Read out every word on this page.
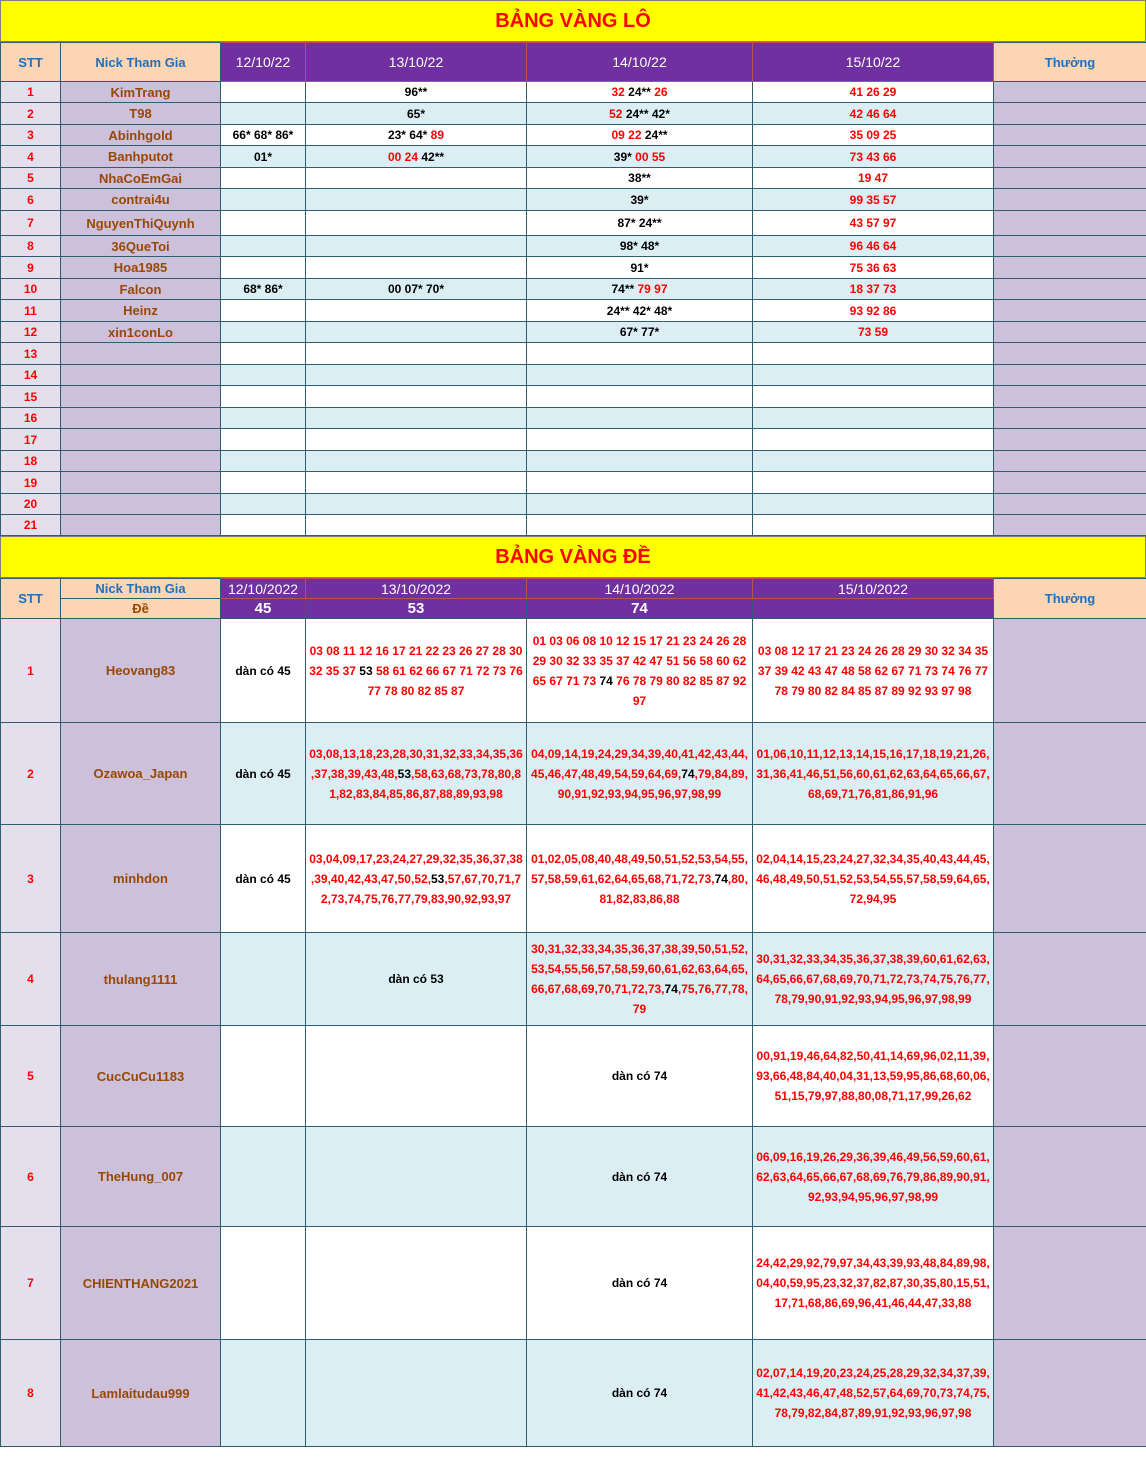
BẢNG VÀNG LÔ
STT	Nick Tham Gia	12/10/22	13/10/22	14/10/22	15/10/22	Thưởng
1	KimTrang		96**	32 24** 26	41 26 29	
2	T98		65*	52 24** 42*	42 46 64	
3	Abinhgold	66* 68* 86*	23* 64* 89	09 22 24**	35 09 25	
4	Banhputot	01*	00 24 42**	39* 00 55	73 43 66	
5	NhaCoEmGai			38**	19 47	
6	contrai4u			39*	99 35 57	
7	NguyenThiQuynh			87* 24**	43 57 97	
8	36QueToi			98* 48*	96 46 64	
9	Hoa1985			91*	75 36 63	
10	Falcon	68* 86*	00 07* 70*	74** 79 97	18 37 73	
11	Heinz			24** 42* 48*	93 92 86	
12	xin1conLo			67* 77*	73 59	
13						
14						
15						
16						
17						
18						
19						
20						
21						
BẢNG VÀNG ĐỀ
STT	Nick Tham Gia	12/10/2022	13/10/2022	14/10/2022	15/10/2022	Thưởng
	Đề	45	53	74		
1	Heovang83	dàn có 45	03 08 11 12 16 17 21 22 23 26 27 28 30 32 35 37 53 58 61 62 66 67 71 72 73 76 77 78 80 82 85 87	01 03 06 08 10 12 15 17 21 23 24 26 28 29 30 32 33 35 37 42 47 51 56 58 60 62 65 67 71 73 74 76 78 79 80 82 85 87 92 97	03 08 12 17 21 23 24 26 28 29 30 32 34 35 37 39 42 43 47 48 58 62 67 71 73 74 76 77 78 79 80 82 84 85 87 89 92 93 97 98	
2	Ozawoa_Japan	dàn có 45	03,08,13,18,23,28,30,31,32,33,34,35,36,37,38,39,43,48,53,58,63,68,73,78,80,81,82,83,84,85,86,87,88,89,93,98	04,09,14,19,24,29,34,39,40,41,42,43,44,45,46,47,48,49,54,59,64,69,74,79,84,89,90,91,92,93,94,95,96,97,98,99	01,06,10,11,12,13,14,15,16,17,18,19,21,26,31,36,41,46,51,56,60,61,62,63,64,65,66,67,68,69,71,76,81,86,91,96	
3	minhdon	dàn có 45	03,04,09,17,23,24,27,29,32,35,36,37,38,39,40,42,43,47,50,52,53,57,67,70,71,72,73,74,75,76,77,79,83,90,92,93,97	01,02,05,08,40,48,49,50,51,52,53,54,55,57,58,59,61,62,64,65,68,71,72,73,74,80,81,82,83,86,88	02,04,14,15,23,24,27,32,34,35,40,43,44,45,46,48,49,50,51,52,53,54,55,57,58,59,64,65,72,94,95	
4	thulang1111		dàn có 53	30,31,32,33,34,35,36,37,38,39,50,51,52,53,54,55,56,57,58,59,60,61,62,63,64,65,66,67,68,69,70,71,72,73,74,75,76,77,78,79	30,31,32,33,34,35,36,37,38,39,60,61,62,63,64,65,66,67,68,69,70,71,72,73,74,75,76,77,78,79,90,91,92,93,94,95,96,97,98,99	
5	CucCuCu1183			dàn có 74	00,91,19,46,64,82,50,41,14,69,96,02,11,39,93,66,48,84,40,04,31,13,59,95,86,68,60,06,51,15,79,97,88,80,08,71,17,99,26,62	
6	TheHung_007			dàn có 74	06,09,16,19,26,29,36,39,46,49,56,59,60,61,62,63,64,65,66,67,68,69,76,79,86,89,90,91,92,93,94,95,96,97,98,99	
7	CHIENTHANG2021			dàn có 74	24,42,29,92,79,97,34,43,39,93,48,84,89,98,04,40,59,95,23,32,37,82,87,30,35,80,15,51,17,71,68,86,69,96,41,46,44,47,33,88	
8	Lamlaitudau999			dàn có 74	02,07,14,19,20,23,24,25,28,29,32,34,37,39,41,42,43,46,47,48,52,57,64,69,70,73,74,75,78,79,82,84,87,89,91,92,93,96,97,98	
